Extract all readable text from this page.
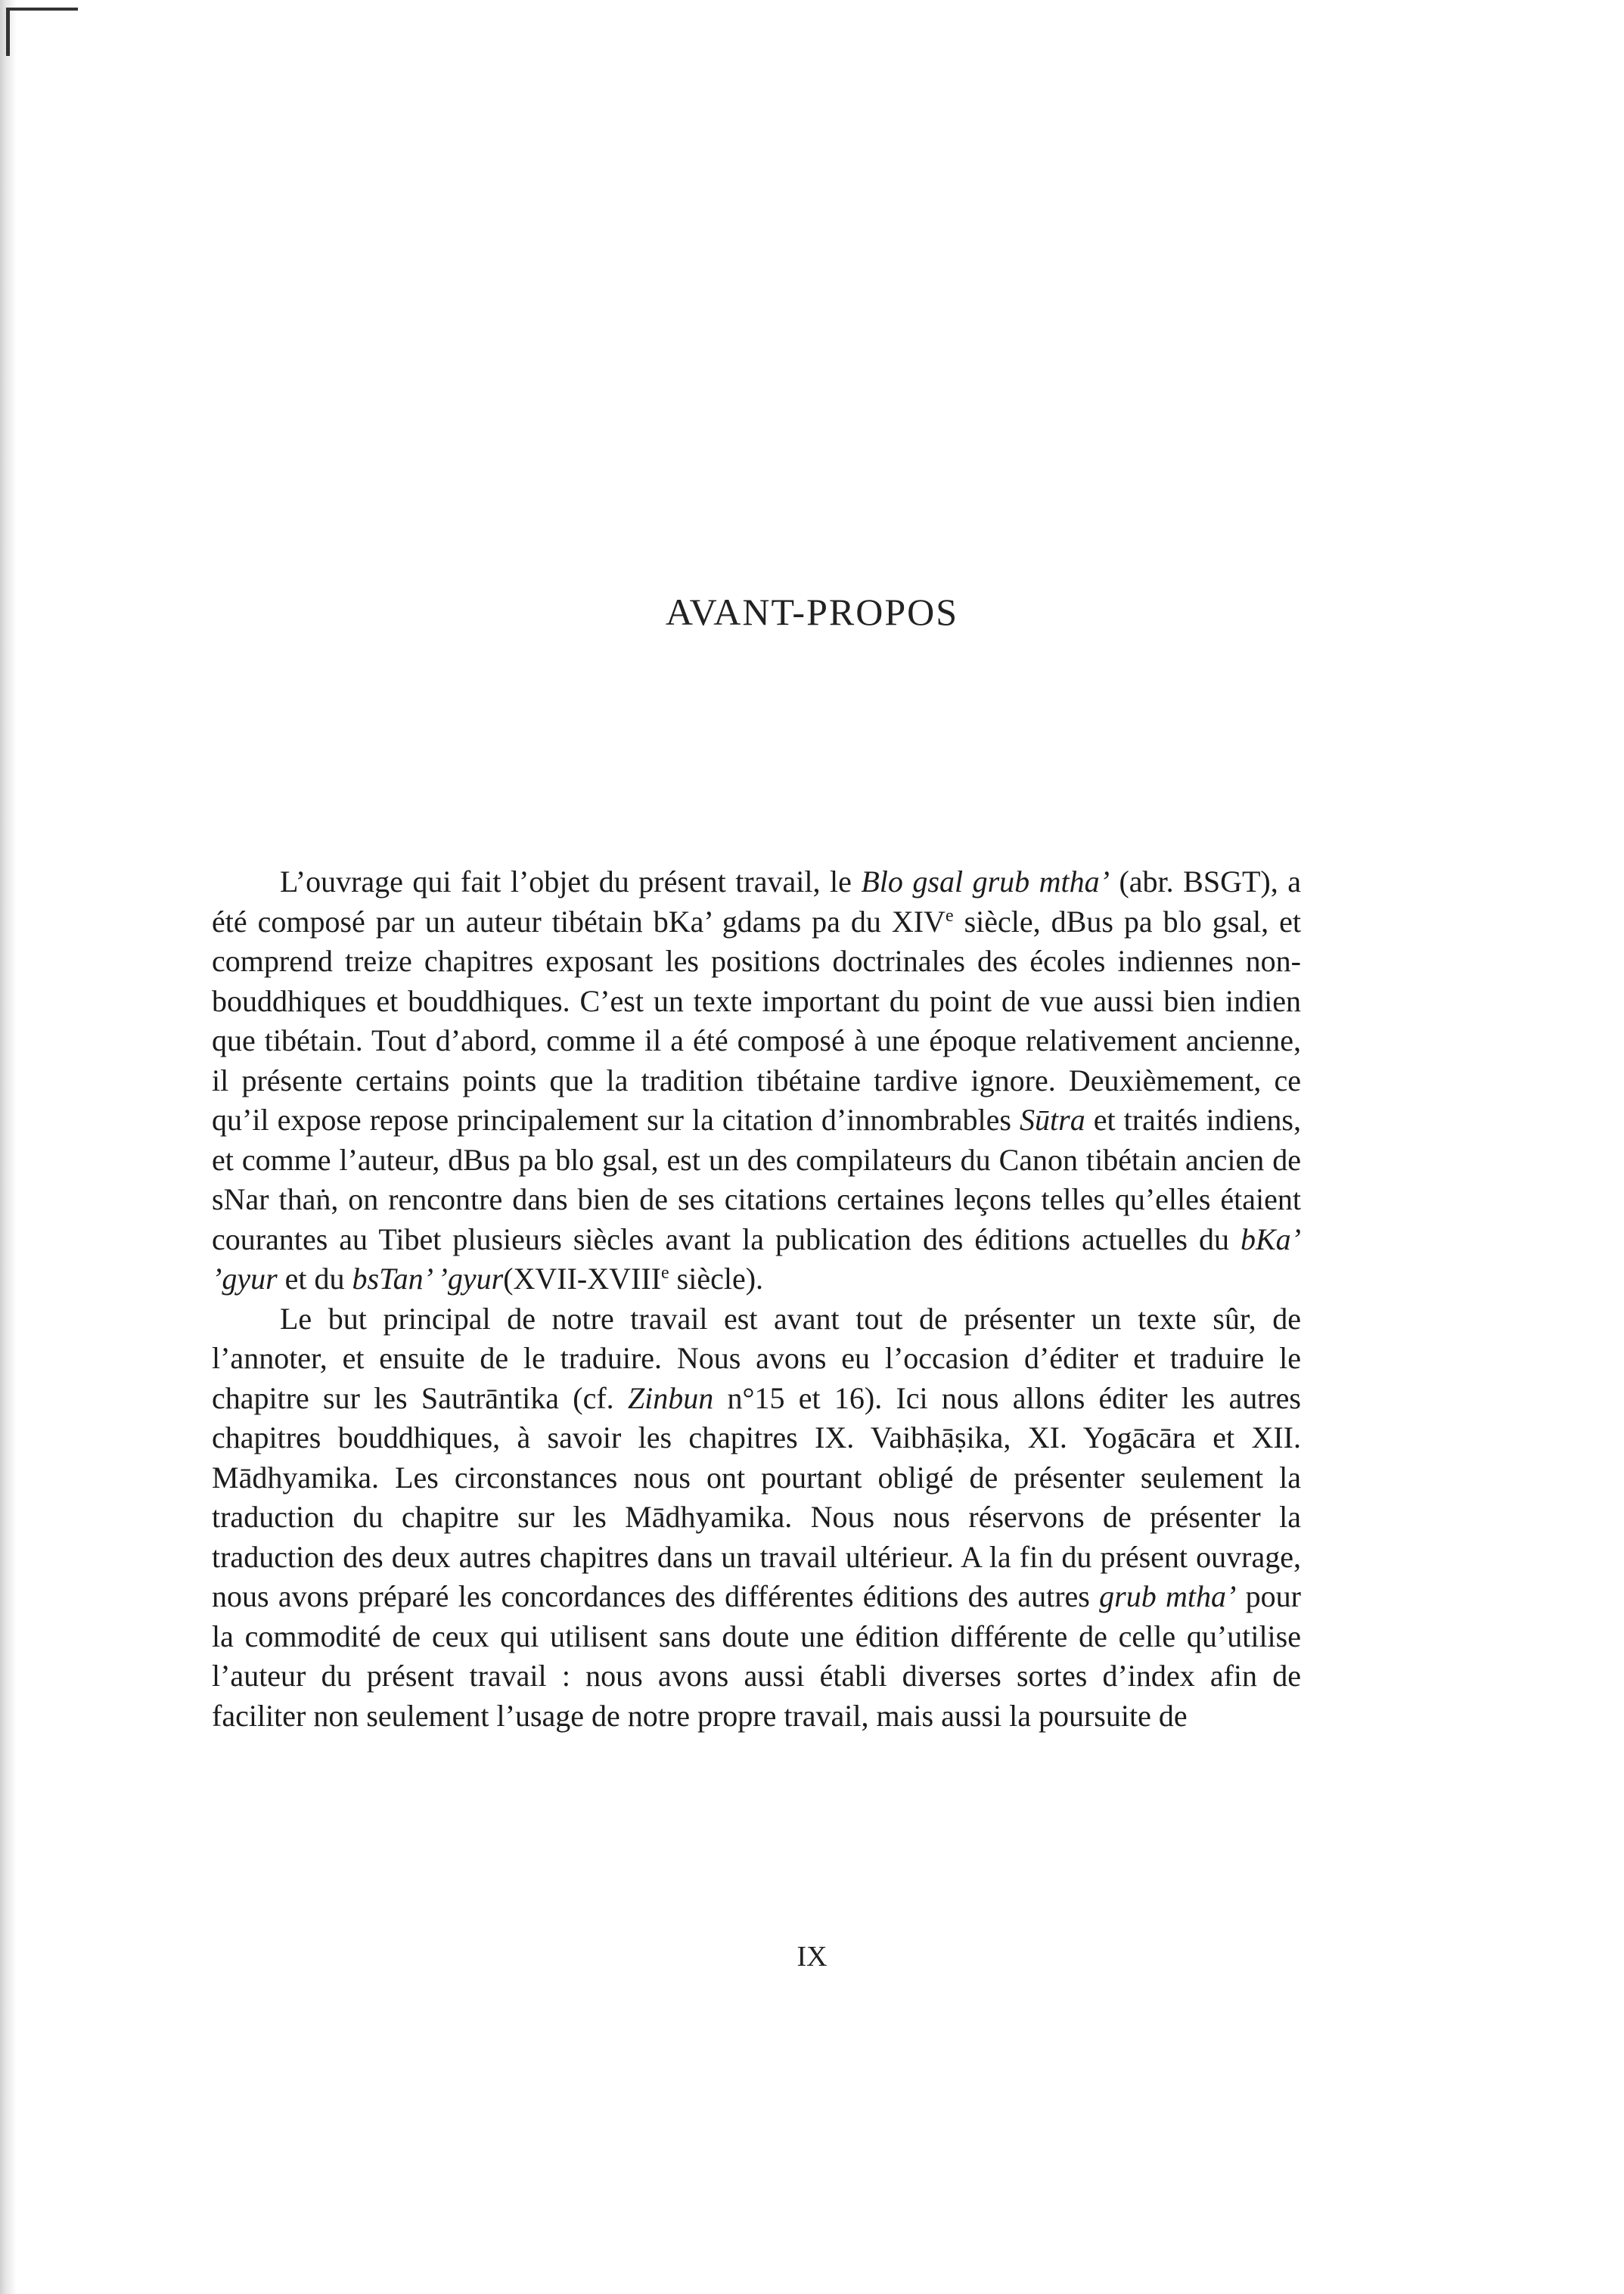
AVANT-PROPOS

L’ouvrage qui fait l’objet du présent travail, le Blo gsal grub mtha’ (abr. BSGT), a été composé par un auteur tibétain bKa’ gdams pa du XIVe siècle, dBus pa blo gsal, et comprend treize chapitres exposant les positions doctrinales des écoles indiennes non-bouddhiques et bouddhiques. C’est un texte important du point de vue aussi bien indien que tibétain. Tout d’abord, comme il a été composé à une époque relativement ancienne, il présente certains points que la tradition tibétaine tardive ignore. Deuxièmement, ce qu’il expose repose principalement sur la citation d’innombrables Sūtra et traités indiens, et comme l’auteur, dBus pa blo gsal, est un des compilateurs du Canon tibétain ancien de sNar thaṅ, on rencontre dans bien de ses citations certaines leçons telles qu’elles étaient courantes au Tibet plusieurs siècles avant la publication des éditions actuelles du bKa’ ’gyur et du bsTan’ ’gyur(XVII-XVIIIe siècle).

Le but principal de notre travail est avant tout de présenter un texte sûr, de l’annoter, et ensuite de le traduire. Nous avons eu l’occasion d’éditer et traduire le chapitre sur les Sautrāntika (cf. Zinbun n°15 et 16). Ici nous allons éditer les autres chapitres bouddhiques, à savoir les chapitres IX. Vaibhāṣika, XI. Yogācāra et XII. Mādhyamika. Les circonstances nous ont pourtant obligé de présenter seulement la traduction du chapitre sur les Mādhyamika. Nous nous réservons de présenter la traduction des deux autres chapitres dans un travail ultérieur. A la fin du présent ouvrage, nous avons préparé les concordances des différentes éditions des autres grub mtha’ pour la commodité de ceux qui utilisent sans doute une édition différente de celle qu’utilise l’auteur du présent travail : nous avons aussi établi diverses sortes d’index afin de faciliter non seulement l’usage de notre propre travail, mais aussi la poursuite de

IX
